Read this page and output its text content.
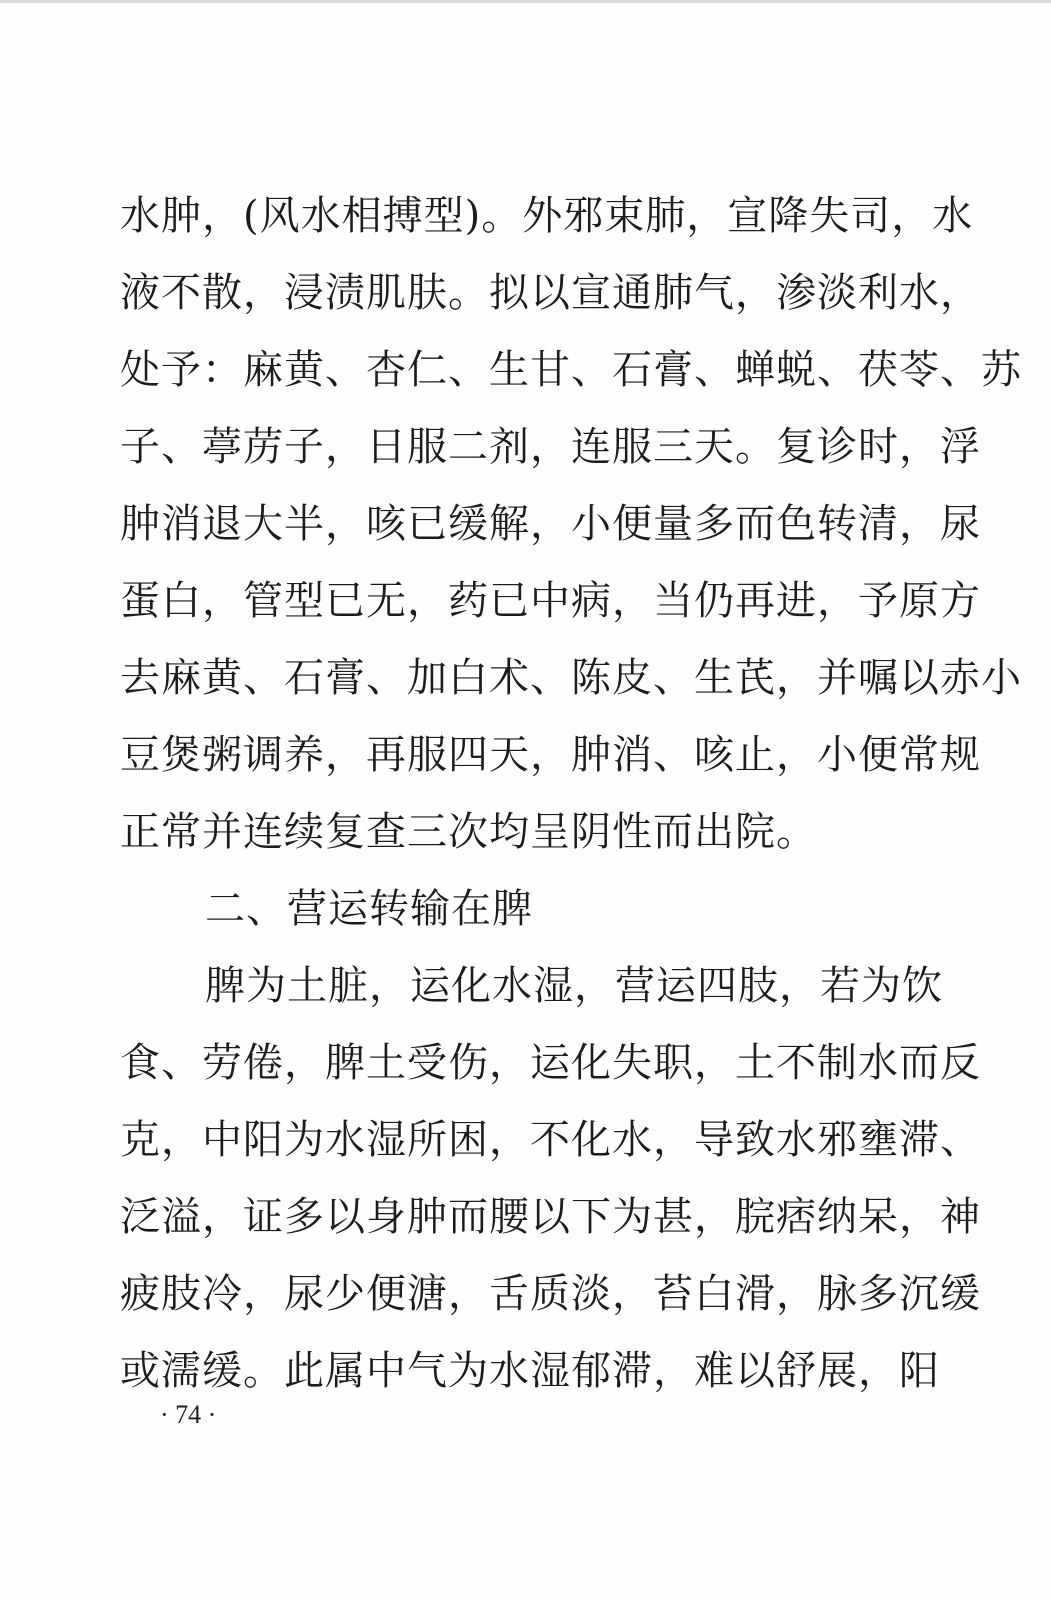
水肿，(风水相搏型)。外邪束肺，宣降失司，水
液不散，浸渍肌肤。拟以宣通肺气，渗淡利水，
处予：麻黄、杏仁、生甘、石膏、蝉蜕、茯苓、苏
子、葶苈子，日服二剂，连服三天。复诊时，浮
肿消退大半，咳已缓解，小便量多而色转清，尿
蛋白，管型已无，药已中病，当仍再进，予原方
去麻黄、石膏、加白术、陈皮、生芪，并嘱以赤小
豆煲粥调养，再服四天，肿消、咳止，小便常规
正常并连续复查三次均呈阴性而出院。
二、营运转输在脾
脾为土脏，运化水湿，营运四肢，若为饮
食、劳倦，脾土受伤，运化失职，土不制水而反
克，中阳为水湿所困，不化水，导致水邪壅滞、
泛溢，证多以身肿而腰以下为甚，脘痞纳呆，神
疲肢冷，尿少便溏，舌质淡，苔白滑，脉多沉缓
或濡缓。此属中气为水湿郁滞，难以舒展，阳
· 74 ·
